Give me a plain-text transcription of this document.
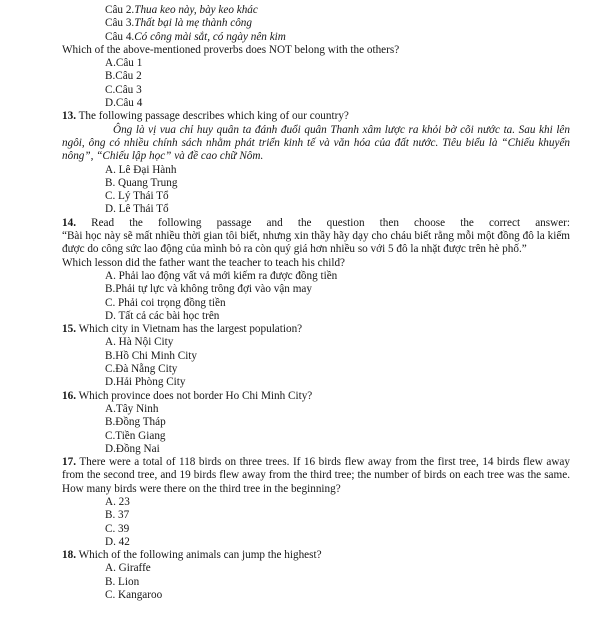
Câu 2.Thua keo này, bày keo khác

Câu 3.Thất bại là mẹ thành công

Câu 4.Có công mài sắt, có ngày nên kim

Which of the above-mentioned proverbs does NOT belong with the others?

A.Câu 1

B.Câu 2

C.Câu 3

D.Câu 4

13. The following passage describes which king of our country?

Ông là vị vua chỉ huy quân ta đánh đuổi quân Thanh xâm lược ra khỏi bờ cõi nước ta. Sau khi lên ngôi, ông có nhiều chính sách nhằm phát triển kinh tế và văn hóa của đất nước. Tiêu biểu là “Chiếu khuyến nông”, “Chiếu lập học” và đề cao chữ Nôm.

A. Lê Đại Hành

B. Quang Trung

C. Lý Thái Tổ

D. Lê Thái Tổ

14. Read the following passage and the question then choose the correct answer:

“Bài học này sẽ mất nhiều thời gian tôi biết, nhưng xin thầy hãy dạy cho cháu biết rằng mỗi một đồng đô la kiếm được do công sức lao động của mình bỏ ra còn quý giá hơn nhiều so với 5 đô la nhặt được trên hè phố.”

Which lesson did the father want the teacher to teach his child?

A. Phải lao động vất vả mới kiếm ra được đồng tiền

B.Phải tự lực và không trông đợi vào vận may

C. Phải coi trọng đồng tiền

D. Tất cả các bài học trên

15. Which city in Vietnam has the largest population?

A. Hà Nội City

B.Hồ Chi Minh City

C.Đà Nẵng City

D.Hải Phòng City

16. Which province does not border Ho Chi Minh City?

A.Tây Ninh

B.Đồng Tháp

C.Tiền Giang

D.Đồng Nai

17. There were a total of 118 birds on three trees. If 16 birds flew away from the first tree, 14 birds flew away from the second tree, and 19 birds flew away from the third tree; the number of birds on each tree was the same. How many birds were there on the third tree in the beginning?

A. 23

B. 37

C. 39

D. 42

18. Which of the following animals can jump the highest?

A. Giraffe

B. Lion

C. Kangaroo
